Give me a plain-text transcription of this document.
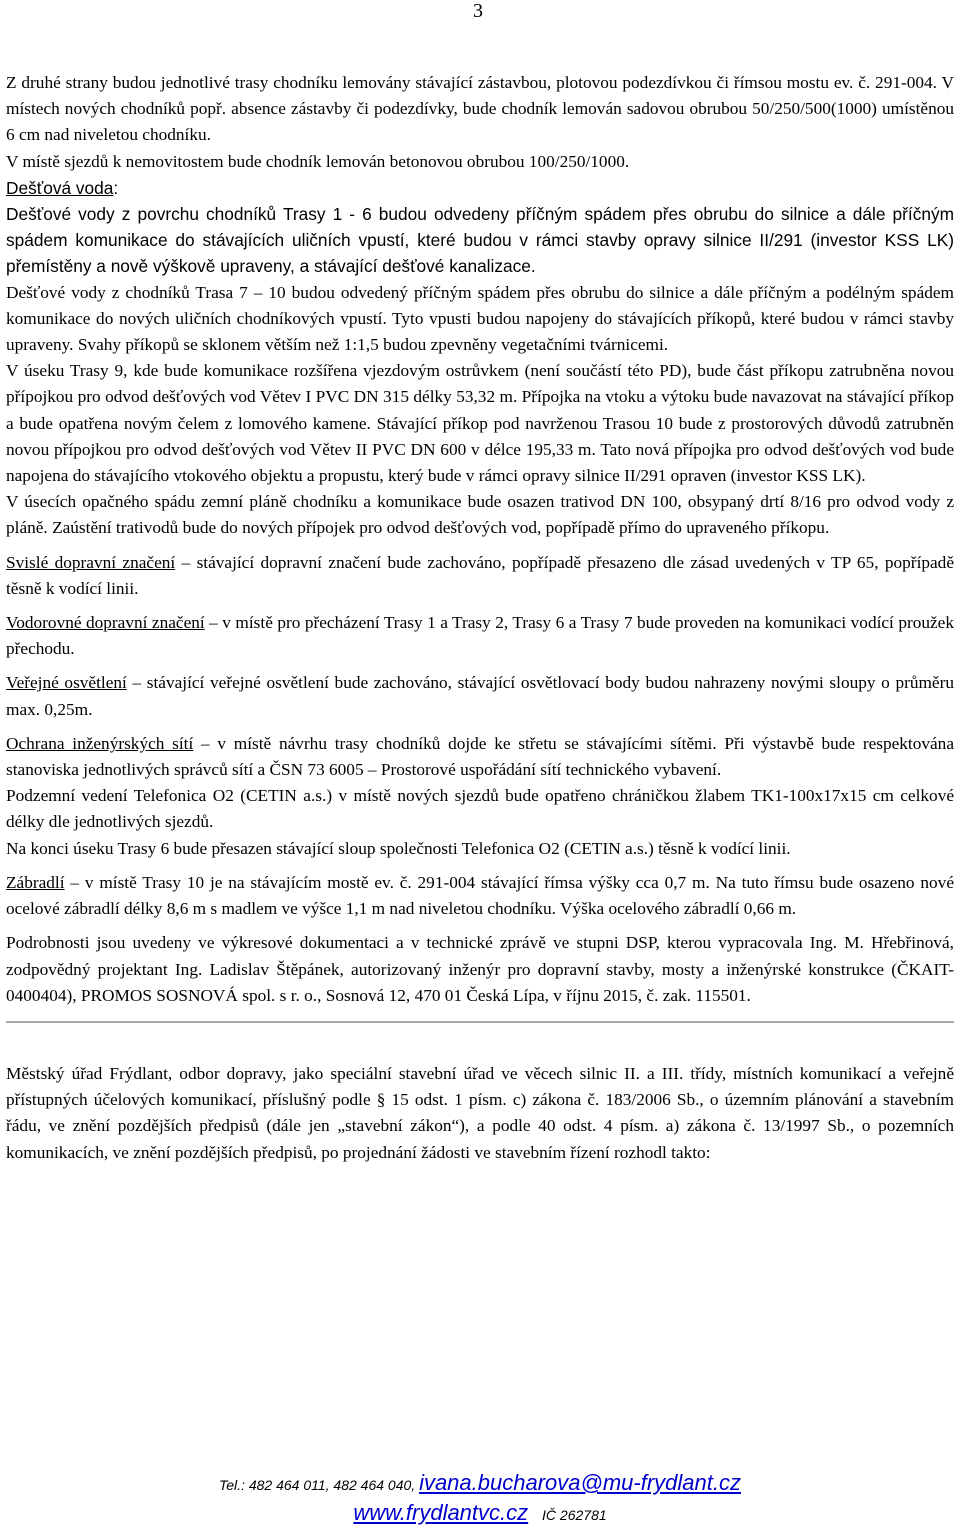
3

Z druhé strany budou jednotlivé trasy chodníku lemovány stávající zástavbou, plotovou podezdívkou či římsou mostu ev. č. 291-004. V místech nových chodníků popř. absence zástavby či podezdívky, bude chodník lemován sadovou obrubou 50/250/500(1000) umístěnou 6 cm nad niveletou chodníku.

V místě sjezdů k nemovitostem bude chodník lemován betonovou obrubou 100/250/1000.

Dešťová voda:

Dešťové vody z povrchu chodníků Trasy 1 - 6 budou odvedeny příčným spádem přes obrubu do silnice a dále příčným spádem komunikace do stávajících uličních vpustí, které budou v rámci stavby opravy silnice II/291 (investor KSS LK) přemístěny a nově výškově upraveny, a stávající dešťové kanalizace.

Dešťové vody z chodníků Trasa 7 – 10 budou odvedený příčným spádem přes obrubu do silnice a dále příčným a podélným spádem komunikace do nových uličních chodníkových vpustí. Tyto vpusti budou napojeny do stávajících příkopů, které budou v rámci stavby upraveny. Svahy příkopů se sklonem větším než 1:1,5 budou zpevněny vegetačními tvárnicemi.

V úseku Trasy 9, kde bude komunikace rozšířena vjezdovým ostrůvkem (není součástí této PD), bude část příkopu zatrubněna novou přípojkou pro odvod dešťových vod Větev I PVC DN 315 délky 53,32 m. Přípojka na vtoku a výtoku bude navazovat na stávající příkop a bude opatřena novým čelem z lomového kamene. Stávající příkop pod navrženou Trasou 10 bude z prostorových důvodů zatrubněn novou přípojkou pro odvod dešťových vod Větev II PVC DN 600 v délce 195,33 m. Tato nová přípojka pro odvod dešťových vod bude napojena do stávajícího vtokového objektu a propustu, který bude v rámci opravy silnice II/291 opraven (investor KSS LK).

V úsecích opačného spádu zemní pláně chodníku a komunikace bude osazen trativod DN 100, obsypaný drtí 8/16 pro odvod vody z pláně. Zaústění trativodů bude do nových přípojek pro odvod dešťových vod, popřípadě přímo do upraveného příkopu.

Svislé dopravní značení – stávající dopravní značení bude zachováno, popřípadě přesazeno dle zásad uvedených v TP 65, popřípadě těsně k vodící linii.

Vodorovné dopravní značení – v místě pro přecházení Trasy 1 a Trasy 2, Trasy 6 a Trasy 7 bude proveden na komunikaci vodící proužek přechodu.

Veřejné osvětlení – stávající veřejné osvětlení bude zachováno, stávající osvětlovací body budou nahrazeny novými sloupy o průměru max. 0,25m.

Ochrana inženýrských sítí – v místě návrhu trasy chodníků dojde ke střetu se stávajícími sítěmi. Při výstavbě bude respektována stanoviska jednotlivých správců sítí a ČSN 73 6005 – Prostorové uspořádání sítí technického vybavení.

Podzemní vedení Telefonica O2 (CETIN a.s.) v místě nových sjezdů bude opatřeno chráničkou žlabem TK1-100x17x15 cm celkové délky dle jednotlivých sjezdů.

Na konci úseku Trasy 6 bude přesazen stávající sloup společnosti Telefonica O2 (CETIN a.s.) těsně k vodící linii.

Zábradlí – v místě Trasy 10 je na stávajícím mostě ev. č. 291-004 stávající římsa výšky cca 0,7 m. Na tuto římsu bude osazeno nové ocelové zábradlí délky 8,6 m s madlem ve výšce 1,1 m nad niveletou chodníku. Výška ocelového zábradlí 0,66 m.

Podrobnosti jsou uvedeny ve výkresové dokumentaci a v technické zprávě ve stupni DSP, kterou vypracovala Ing. M. Hřebřinová, zodpovědný projektant Ing. Ladislav Štěpánek, autorizovaný inženýr pro dopravní stavby, mosty a inženýrské konstrukce (ČKAIT-0400404), PROMOS SOSNOVÁ spol. s r. o., Sosnová 12, 470 01 Česká Lípa, v říjnu 2015, č. zak. 115501.

Městský úřad Frýdlant, odbor dopravy, jako speciální stavební úřad ve věcech silnic II. a III. třídy, místních komunikací a veřejně přístupných účelových komunikací, příslušný podle § 15 odst. 1 písm. c) zákona č. 183/2006 Sb., o územním plánování a stavebním řádu, ve znění pozdějších předpisů (dále jen „stavební zákon“), a podle 40 odst. 4 písm. a) zákona č. 13/1997 Sb., o pozemních komunikacích, ve znění pozdějších předpisů, po projednání žádosti ve stavebním řízení rozhodl takto:

Tel.: 482 464 011, 482 464 040, ivana.bucharova@mu-frydlant.cz
www.frydlantvc.cz IČ 262781
